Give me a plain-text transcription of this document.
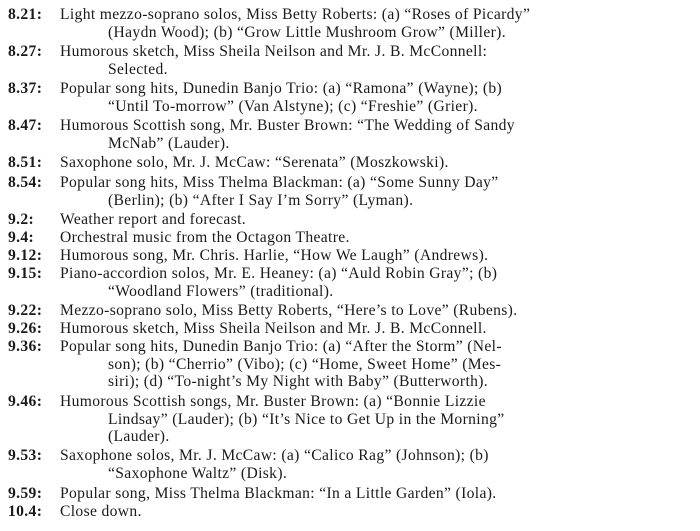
8.21: Light mezzo-soprano solos, Miss Betty Roberts: (a) “Roses of Picardy”
(Haydn Wood); (b) “Grow Little Mushroom Grow” (Miller).
8.27: Humorous sketch, Miss Sheila Neilson and Mr. J. B. McConnell:
Selected.
8.37: Popular song hits, Dunedin Banjo Trio: (a) “Ramona” (Wayne); (b)
“Until To-morrow” (Van Alstyne); (c) “Freshie” (Grier).
8.47: Humorous Scottish song, Mr. Buster Brown: “The Wedding of Sandy
McNab” (Lauder).
8.51: Saxophone solo, Mr. J. McCaw: “Serenata” (Moszkowski).
8.54: Popular song hits, Miss Thelma Blackman: (a) “Some Sunny Day”
(Berlin); (b) “After I Say I’m Sorry” (Lyman).
9.2: Weather report and forecast.
9.4: Orchestral music from the Octagon Theatre.
9.12: Humorous song, Mr. Chris. Harlie, “How We Laugh” (Andrews).
9.15: Piano-accordion solos, Mr. E. Heaney: (a) “Auld Robin Gray”; (b)
“Woodland Flowers” (traditional).
9.22: Mezzo-soprano solo, Miss Betty Roberts, “Here’s to Love” (Rubens).
9.26: Humorous sketch, Miss Sheila Neilson and Mr. J. B. McConnell.
9.36: Popular song hits, Dunedin Banjo Trio: (a) “After the Storm” (Nel-
son); (b) “Cherrio” (Vibo); (c) “Home, Sweet Home” (Mes-
siri); (d) “To-night’s My Night with Baby” (Butterworth).
9.46: Humorous Scottish songs, Mr. Buster Brown: (a) “Bonnie Lizzie
Lindsay” (Lauder); (b) “It’s Nice to Get Up in the Morning”
(Lauder).
9.53: Saxophone solos, Mr. J. McCaw: (a) “Calico Rag” (Johnson); (b)
“Saxophone Waltz” (Disk).
9.59: Popular song, Miss Thelma Blackman: “In a Little Garden” (Iola).
10.4: Close down.
